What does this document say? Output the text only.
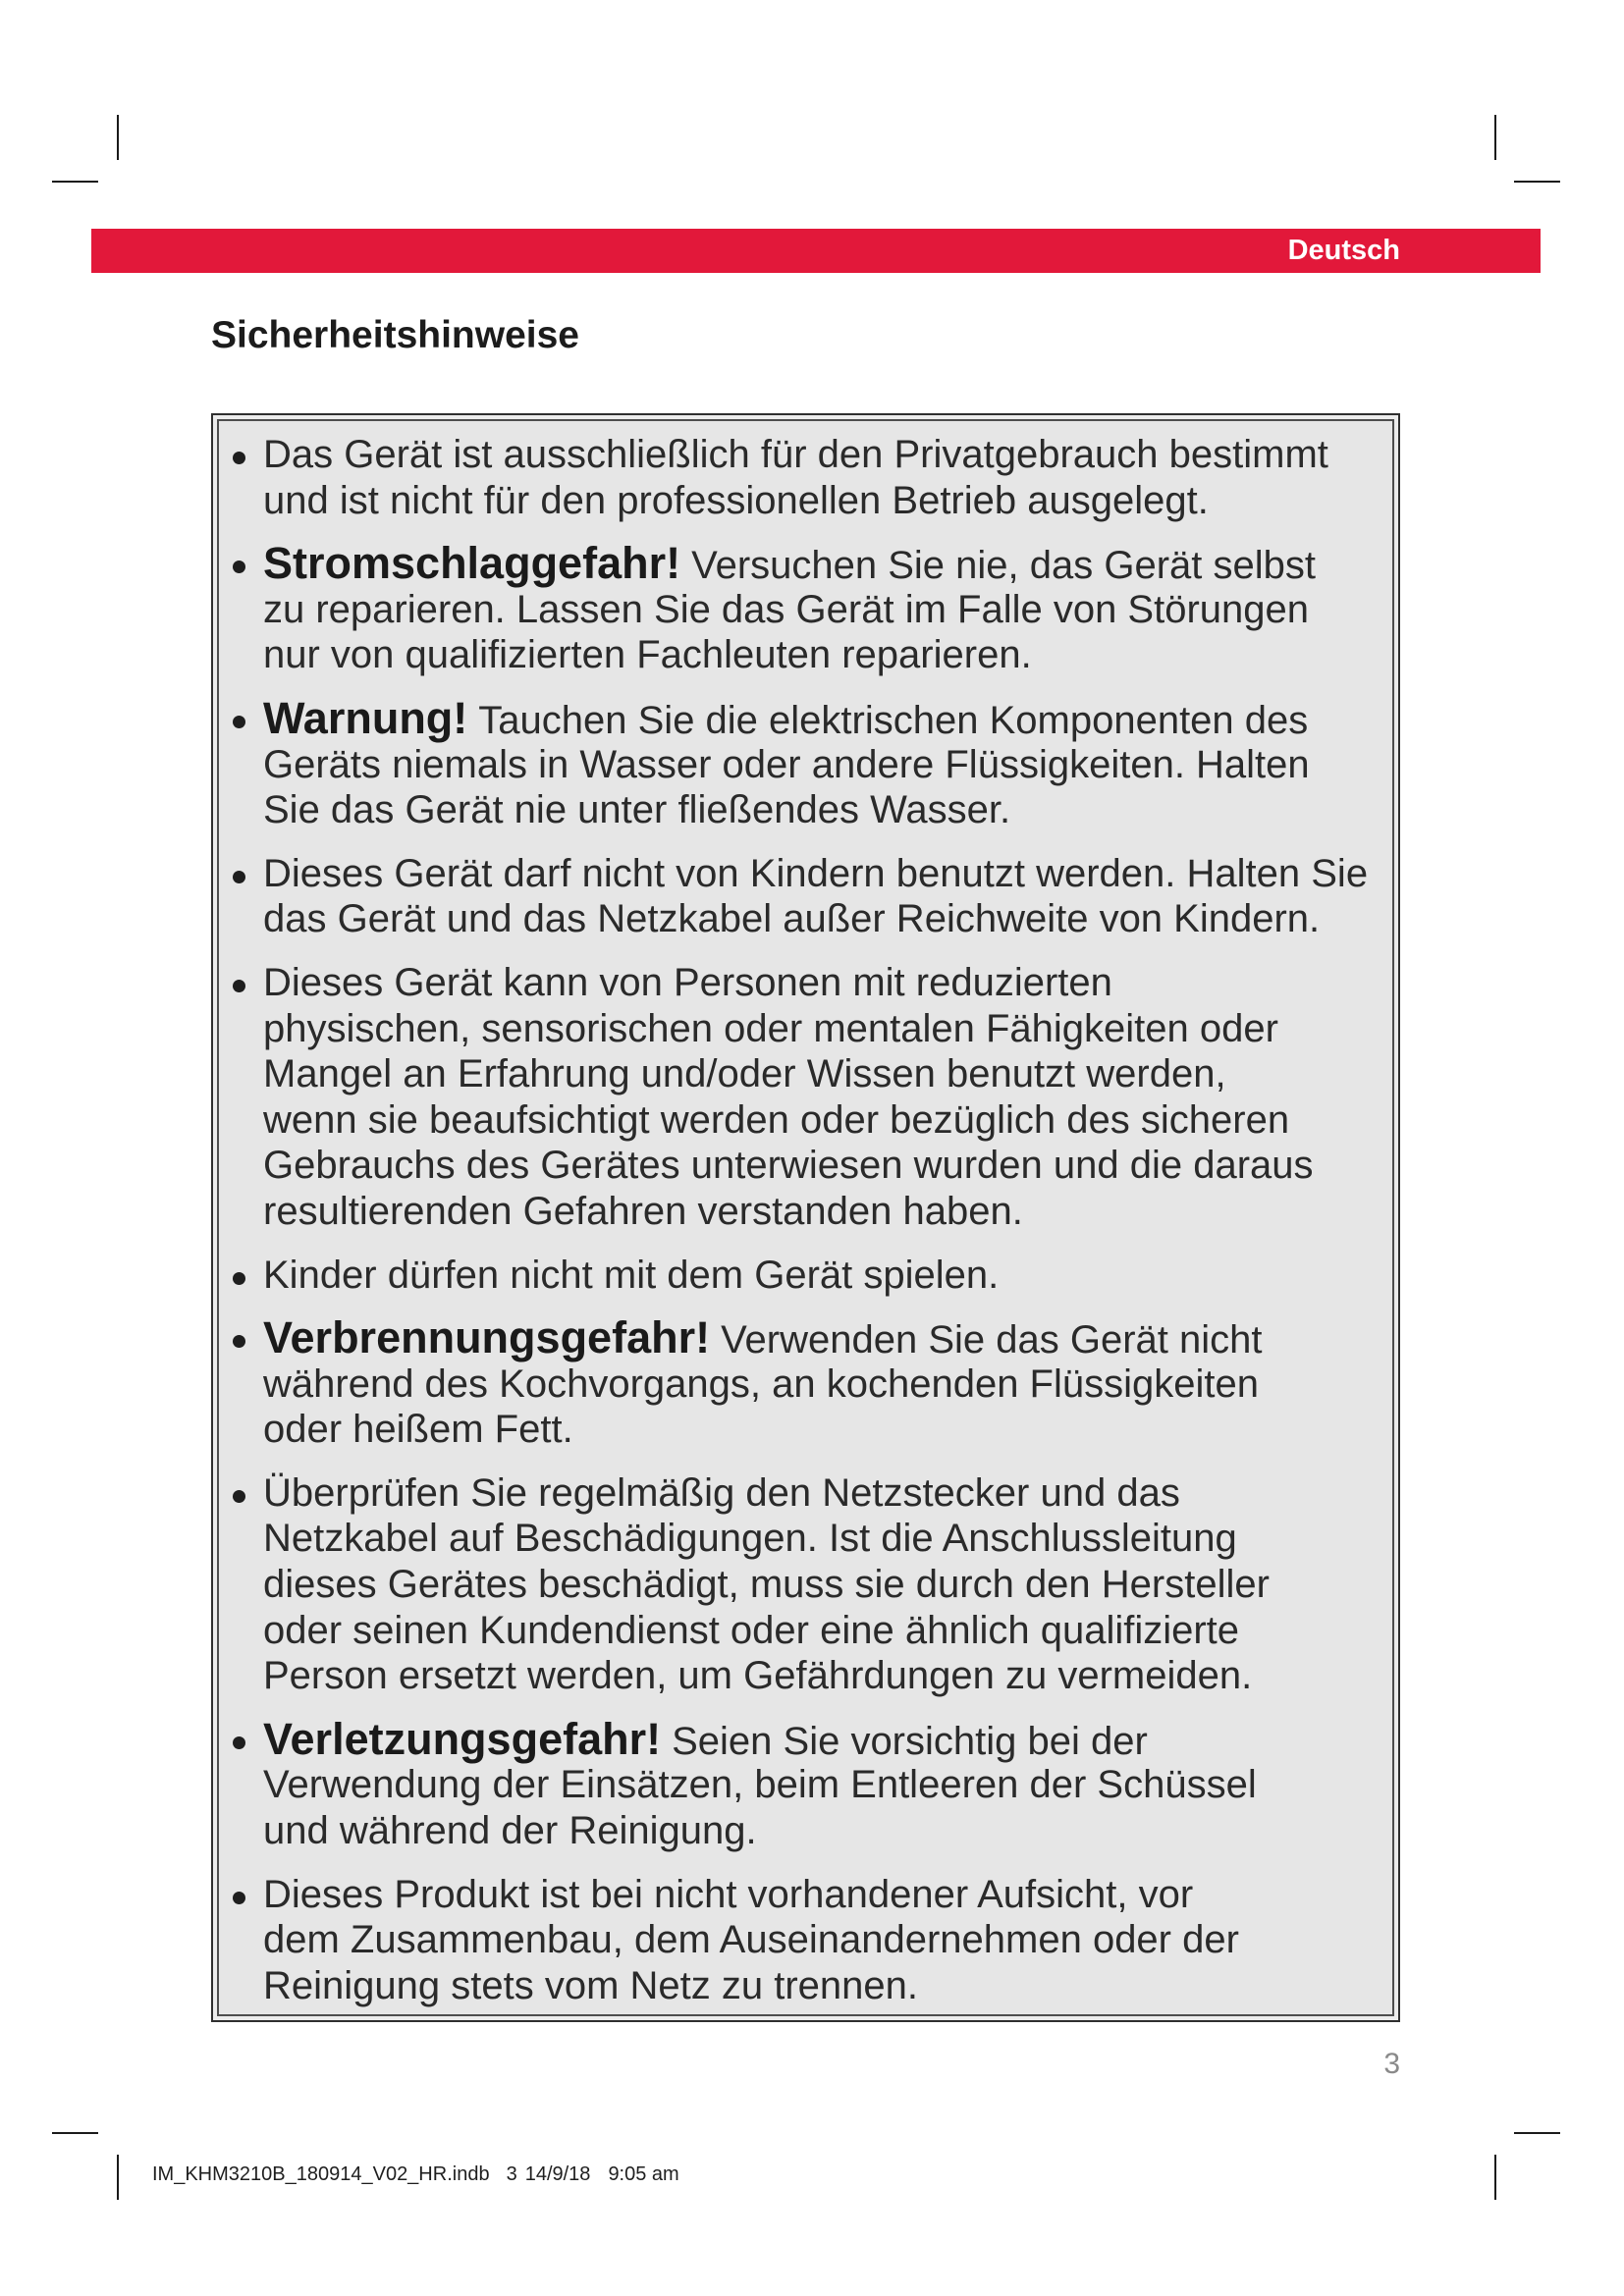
Deutsch
Sicherheitshinweise
Das Gerät ist ausschließlich für den Privatgebrauch bestimmt
und ist nicht für den professionellen Betrieb ausgelegt.
Stromschlaggefahr! Versuchen Sie nie, das Gerät selbst
zu reparieren. Lassen Sie das Gerät im Falle von Störungen
nur von qualifizierten Fachleuten reparieren.
Warnung! Tauchen Sie die elektrischen Komponenten des
Geräts niemals in Wasser oder andere Flüssigkeiten. Halten
Sie das Gerät nie unter fließendes Wasser.
Dieses Gerät darf nicht von Kindern benutzt werden. Halten Sie
das Gerät und das Netzkabel außer Reichweite von Kindern.
Dieses Gerät kann von Personen mit reduzierten
physischen, sensorischen oder mentalen Fähigkeiten oder
Mangel an Erfahrung und/oder Wissen benutzt werden,
wenn sie beaufsichtigt werden oder bezüglich des sicheren
Gebrauchs des Gerätes unterwiesen wurden und die daraus
resultierenden Gefahren verstanden haben.
Kinder dürfen nicht mit dem Gerät spielen.
Verbrennungsgefahr! Verwenden Sie das Gerät nicht
während des Kochvorgangs, an kochenden Flüssigkeiten
oder heißem Fett.
Überprüfen Sie regelmäßig den Netzstecker und das
Netzkabel auf Beschädigungen. Ist die Anschlussleitung
dieses Gerätes beschädigt, muss sie durch den Hersteller
oder seinen Kundendienst oder eine ähnlich qualifizierte
Person ersetzt werden, um Gefährdungen zu vermeiden.
Verletzungsgefahr! Seien Sie vorsichtig bei der
Verwendung der Einsätzen, beim Entleeren der Schüssel
und während der Reinigung.
Dieses Produkt ist bei nicht vorhandener Aufsicht, vor
dem Zusammenbau, dem Auseinandernehmen oder der
Reinigung stets vom Netz zu trennen.
3
IM_KHM3210B_180914_V02_HR.indb 3 14/9/18 9:05 am
